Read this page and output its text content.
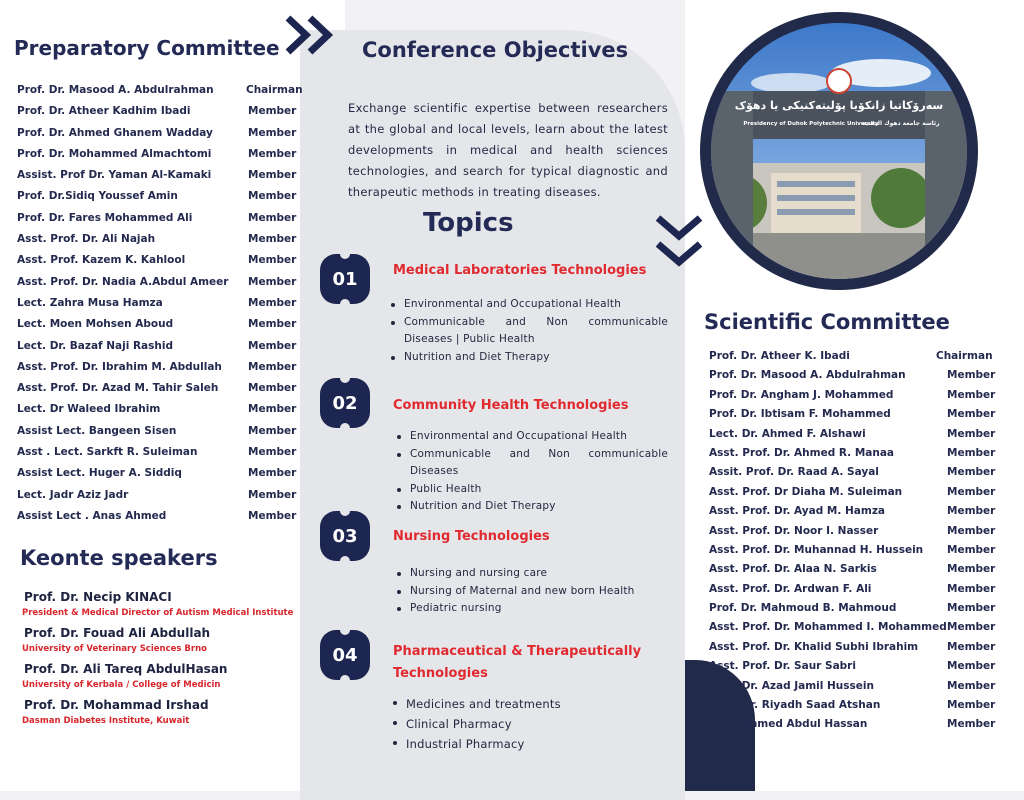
Preparatory Committee
Prof. Dr. Masood A. Abdulrahman	Chairman
Prof. Dr. Atheer Kadhim Ibadi	Member
Prof. Dr. Ahmed Ghanem Wadday	Member
Prof. Dr. Mohammed Almachtomi	Member
Assist. Prof Dr. Yaman Al-Kamaki	Member
Prof. Dr.Sidiq Youssef Amin	Member
Prof. Dr. Fares Mohammed Ali	Member
Asst. Prof. Dr. Ali Najah	Member
Asst. Prof. Kazem K. Kahlool	Member
Asst. Prof. Dr. Nadia A.Abdul Ameer Member
Lect. Zahra Musa Hamza	Member
Lect. Moen Mohsen Aboud	Member
Lect. Dr. Bazaf Naji Rashid	Member
Asst. Prof. Dr. Ibrahim M. Abdullah Member
Asst. Prof. Dr. Azad M. Tahir Saleh	Member
Lect. Dr Waleed Ibrahim	Member
Assist Lect. Bangeen Sisen	Member
Asst . Lect. Sarkft R. Suleiman	Member
Assist Lect. Huger A. Siddiq	Member
Lect. Jadr Aziz Jadr	Member
Assist Lect . Anas Ahmed	Member
Keonte speakers

Prof. Dr. Necip KINACI

President & Medical Director of Autism Medical Institute

Prof. Dr. Fouad Ali Abdullah

University of Veterinary Sciences Brno

Prof. Dr. Ali Tareq AbdulHasan

University of Kerbala / College of Medicin

Prof. Dr. Mohammad Irshad

Dasman Diabetes Institute, Kuwait

Conference Objectives

Exchange scientific expertise between researchers at the global and local levels, learn about the latest developments in medical and health sciences technologies, and search for typical diagnostic and therapeutic methods in treating diseases.

Topics
01	Medical Laboratories Technologies

Environmental and Occupational Health
Communicable and Non communicable Diseases | Public Health
Nutrition and Diet Therapy
02	Community Health Technologies

Environmental and Occupational Health
Communicable and Non communicable Diseases
Public Health
Nutrition and Diet Therapy
03	Nursing Technologies

Nursing and nursing care
Nursing of Maternal and new born Health
Pediatric nursing
04	Pharmaceutical & Therapeutically Technologies

Medicines and treatments
Clinical Pharmacy
Industrial Pharmacy
سەرۆکاتیا زانکۆیا پۆلیتەکنیکی یا دهۆک
Presidency of Duhok Polytechnic University
رئاسة جامعة دهوك التقنية
Scientific Committee
Prof. Dr. Atheer K. Ibadi	Chairman
Prof. Dr. Masood A. Abdulrahman	Member
Prof. Dr. Angham J. Mohammed	Member
Prof. Dr. Ibtisam F. Mohammed	Member
Lect. Dr. Ahmed F. Alshawi	Member
Asst. Prof. Dr. Ahmed R. Manaa	Member
Assit. Prof. Dr. Raad A. Sayal	Member
Asst. Prof. Dr Diaha M. Suleiman	Member
Asst. Prof. Dr. Ayad M. Hamza	Member
Asst. Prof. Dr. Noor I. Nasser	Member
Asst. Prof. Dr. Muhannad H. Hussein Member
Asst. Prof. Dr. Alaa N. Sarkis	Member
Asst. Prof. Dr. Ardwan F. Ali	Member
Prof. Dr. Mahmoud B. Mahmoud	Member
Asst. Prof. Dr. Mohammed I. Mohammed Member
Asst. Prof. Dr. Khalid Subhi Ibrahim	Member
Asst. Prof. Dr. Saur Sabri	Member
Lect. Dr. Azad Jamil Hussein	Member
Lect. Dr. Riyadh Saad Atshan	Member
Lect. Ahmed Abdul Hassan	Member
